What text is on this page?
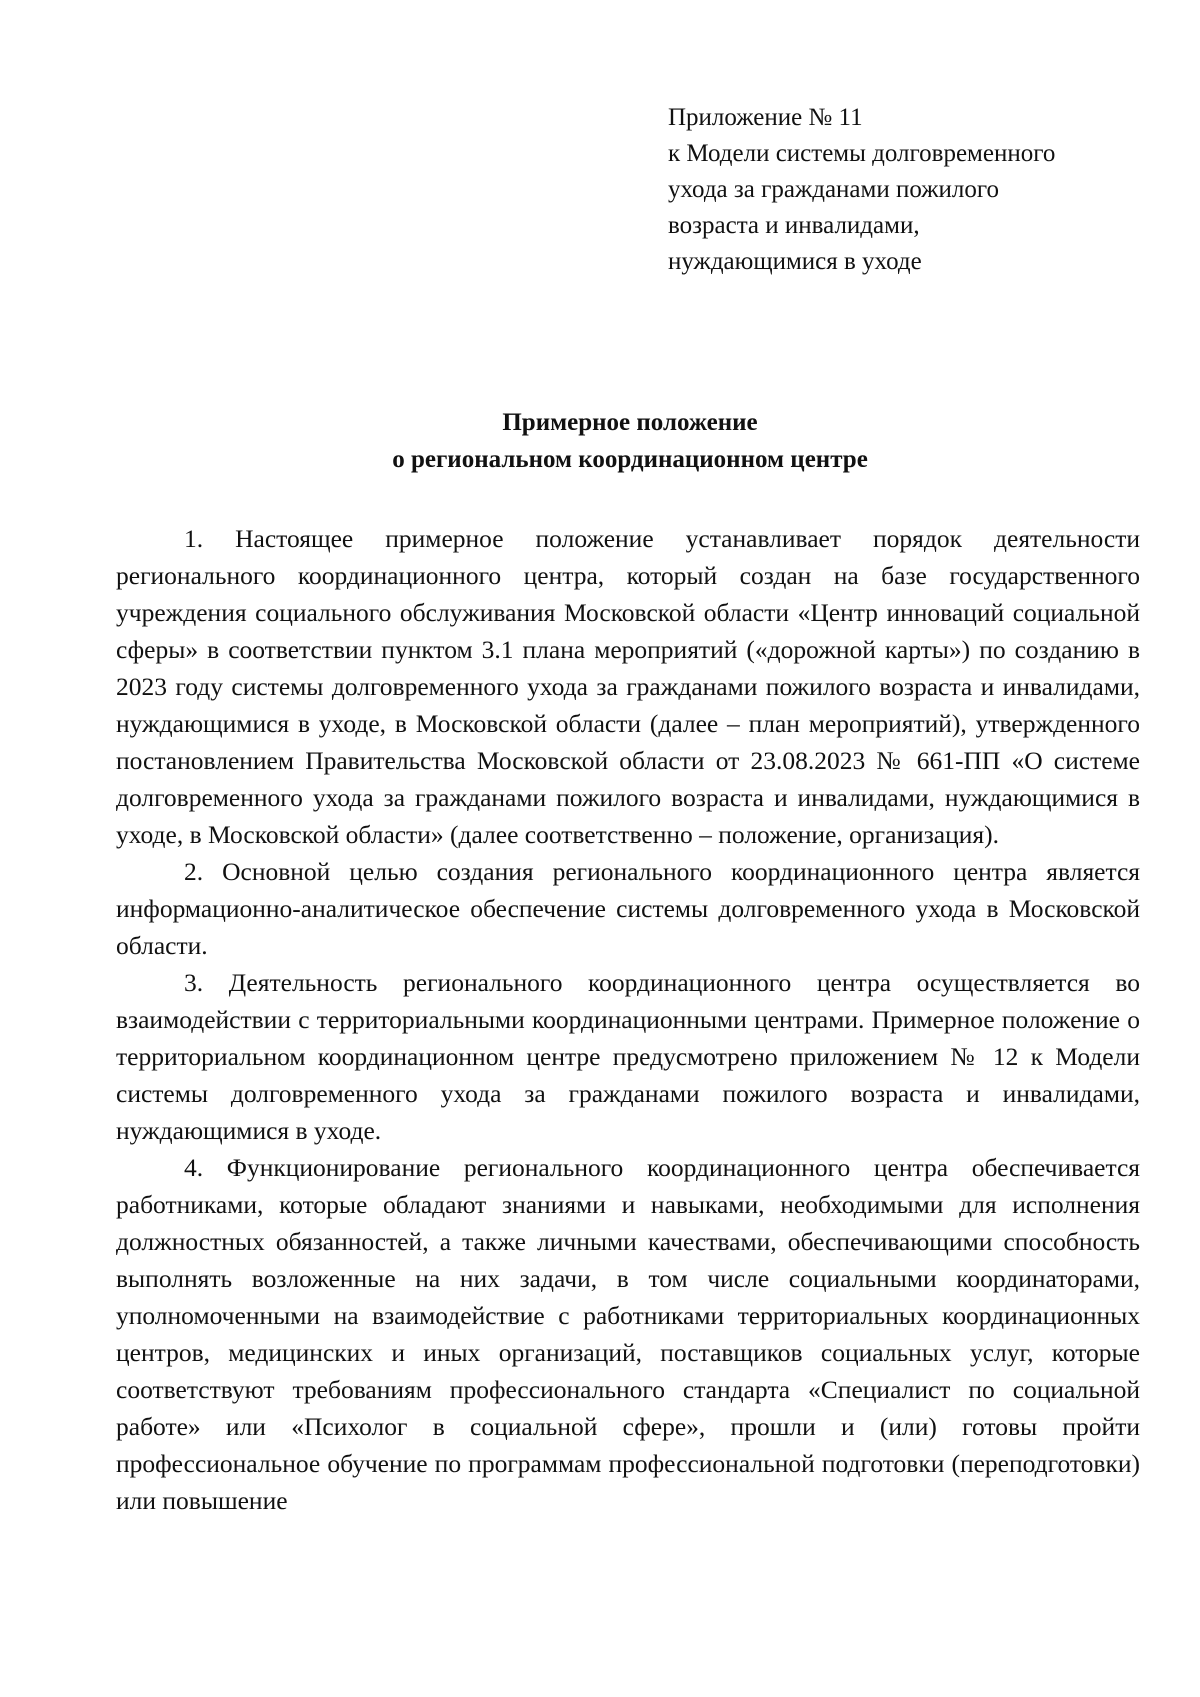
Приложение № 11
к Модели системы долговременного
ухода за гражданами пожилого
возраста и инвалидами,
нуждающимися в уходе
Примерное положение
о региональном координационном центре

1. Настоящее примерное положение устанавливает порядок деятельности регионального координационного центра, который создан на базе государственного учреждения социального обслуживания Московской области «Центр инноваций социальной сферы» в соответствии пунктом 3.1 плана мероприятий («дорожной карты») по созданию в 2023 году системы долговременного ухода за гражданами пожилого возраста и инвалидами, нуждающимися в уходе, в Московской области (далее – план мероприятий), утвержденного постановлением Правительства Московской области от 23.08.2023 № 661-ПП «О системе долговременного ухода за гражданами пожилого возраста и инвалидами, нуждающимися в уходе, в Московской области» (далее соответственно – положение, организация).

2. Основной целью создания регионального координационного центра является информационно-аналитическое обеспечение системы долговременного ухода в Московской области.

3. Деятельность регионального координационного центра осуществляется во взаимодействии с территориальными координационными центрами. Примерное положение о территориальном координационном центре предусмотрено приложением № 12 к Модели системы долговременного ухода за гражданами пожилого возраста и инвалидами, нуждающимися в уходе.

4. Функционирование регионального координационного центра обеспечивается работниками, которые обладают знаниями и навыками, необходимыми для исполнения должностных обязанностей, а также личными качествами, обеспечивающими способность выполнять возложенные на них задачи, в том числе социальными координаторами, уполномоченными на взаимодействие с работниками территориальных координационных центров, медицинских и иных организаций, поставщиков социальных услуг, которые соответствуют требованиям профессионального стандарта «Специалист по социальной работе» или «Психолог в социальной сфере», прошли и (или) готовы пройти профессиональное обучение по программам профессиональной подготовки (переподготовки) или повышение
